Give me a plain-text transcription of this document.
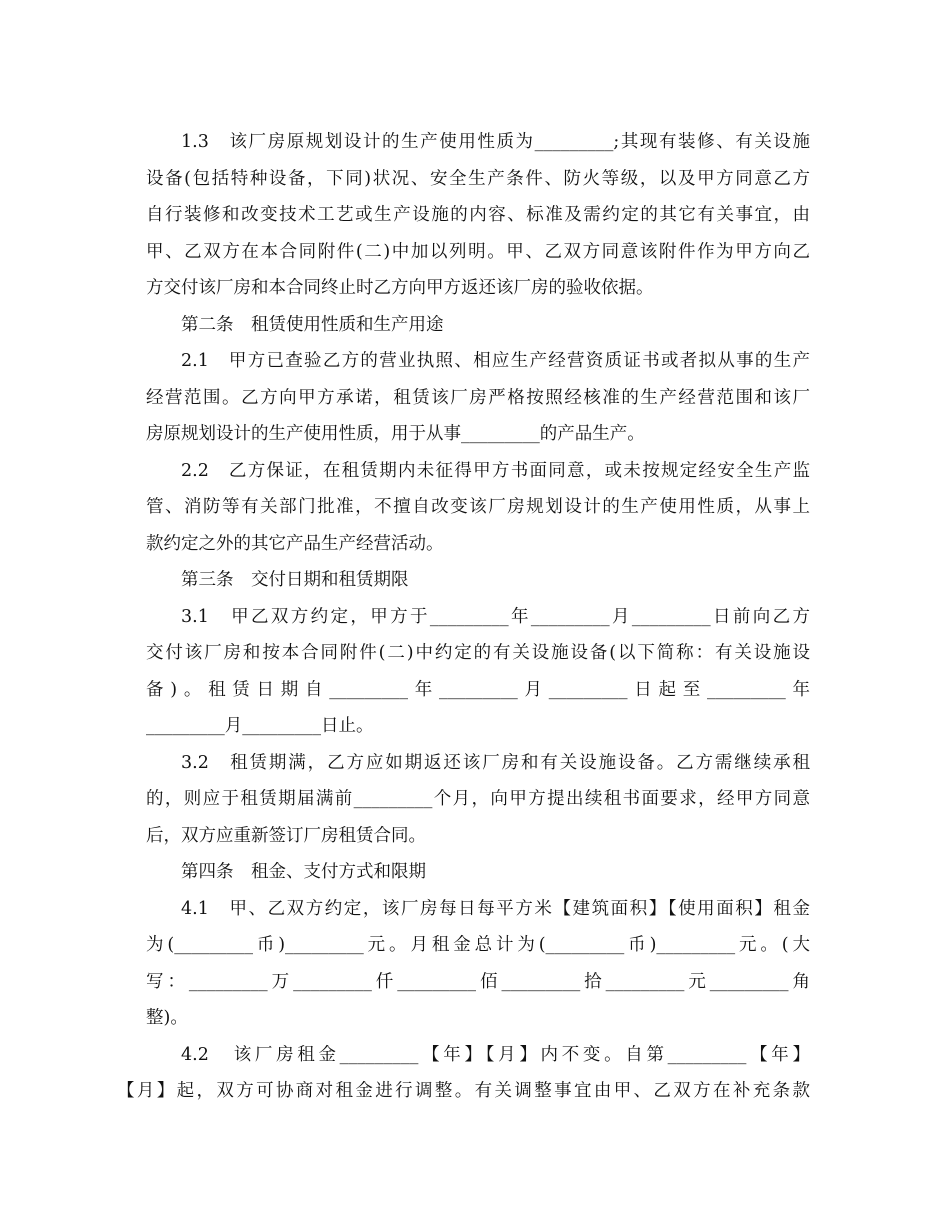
1.3　该厂房原规划设计的生产使用性质为_________;其现有装修、有关设施
设备(包括特种设备，下同)状况、安全生产条件、防火等级，以及甲方同意乙方
自行装修和改变技术工艺或生产设施的内容、标准及需约定的其它有关事宜，由
甲、乙双方在本合同附件(二)中加以列明。甲、乙双方同意该附件作为甲方向乙
方交付该厂房和本合同终止时乙方向甲方返还该厂房的验收依据。
第二条　租赁使用性质和生产用途
2.1　甲方已查验乙方的营业执照、相应生产经营资质证书或者拟从事的生产
经营范围。乙方向甲方承诺，租赁该厂房严格按照经核准的生产经营范围和该厂
房原规划设计的生产使用性质，用于从事_________的产品生产。
2.2　乙方保证，在租赁期内未征得甲方书面同意，或未按规定经安全生产监
管、消防等有关部门批准，不擅自改变该厂房规划设计的生产使用性质，从事上
款约定之外的其它产品生产经营活动。
第三条　交付日期和租赁期限
3.1　甲乙双方约定，甲方于_________年_________月_________日前向乙方
交付该厂房和按本合同附件(二)中约定的有关设施设备(以下简称：有关设施设
备)。租赁日期自_________年_________月_________日起至_________年
_________月_________日止。
3.2　租赁期满，乙方应如期返还该厂房和有关设施设备。乙方需继续承租
的，则应于租赁期届满前_________个月，向甲方提出续租书面要求，经甲方同意
后，双方应重新签订厂房租赁合同。
第四条　租金、支付方式和限期
4.1　甲、乙双方约定，该厂房每日每平方米【建筑面积】【使用面积】租金
为(_________币)_________元。月租金总计为(_________币)_________元。(大
写：_________万_________仟_________佰_________拾_________元_________角
整)。
4.2　该厂房租金_________【年】【月】内不变。自第_________【年】
【月】起，双方可协商对租金进行调整。有关调整事宜由甲、乙双方在补充条款
